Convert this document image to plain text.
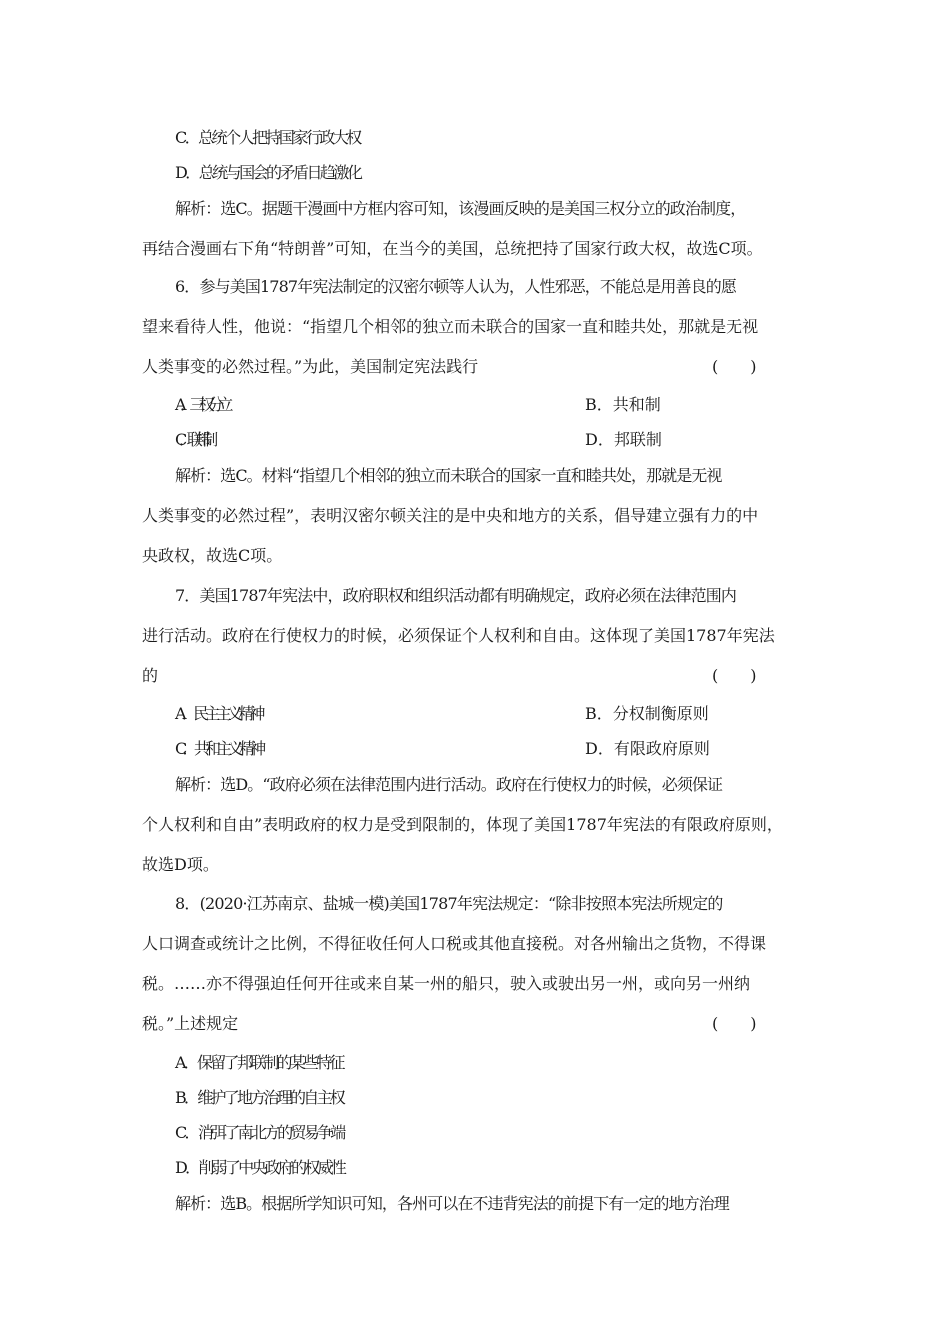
C．总统个人把持国家行政大权
D．总统与国会的矛盾日趋激化
解析：选C。据题干漫画中方框内容可知，该漫画反映的是美国三权分立的政治制度，
再结合漫画右下角“特朗普”可知，在当今的美国，总统把持了国家行政大权，故选C项。
6．参与美国1787年宪法制定的汉密尔顿等人认为，人性邪恶，不能总是用善良的愿
望来看待人性，他说：“指望几个相邻的独立而未联合的国家一直和睦共处，那就是无视
人类事变的必然过程。”为此，美国制定宪法践行	(　　)
A．三权分立	B．共和制
C．联邦制	D．邦联制
解析：选C。材料“指望几个相邻的独立而未联合的国家一直和睦共处，那就是无视
人类事变的必然过程”，表明汉密尔顿关注的是中央和地方的关系，倡导建立强有力的中
央政权，故选C项。
7．美国1787年宪法中，政府职权和组织活动都有明确规定，政府必须在法律范围内
进行活动。政府在行使权力的时候，必须保证个人权利和自由。这体现了美国1787年宪法
的	(　　)
A．民主主义精神	B．分权制衡原则
C．共和主义精神	D．有限政府原则
解析：选D。“政府必须在法律范围内进行活动。政府在行使权力的时候，必须保证
个人权利和自由”表明政府的权力是受到限制的，体现了美国1787年宪法的有限政府原则，
故选D项。
8．(2020·江苏南京、盐城一模)美国1787年宪法规定：“除非按照本宪法所规定的
人口调查或统计之比例，不得征收任何人口税或其他直接税。对各州输出之货物，不得课
税。……亦不得强迫任何开往或来自某一州的船只，驶入或驶出另一州，或向另一州纳
税。”上述规定	(　　)
A．保留了邦联制的某些特征
B．维护了地方治理的自主权
C．消弭了南北方的贸易争端
D．削弱了中央政府的权威性
解析：选B。根据所学知识可知，各州可以在不违背宪法的前提下有一定的地方治理
